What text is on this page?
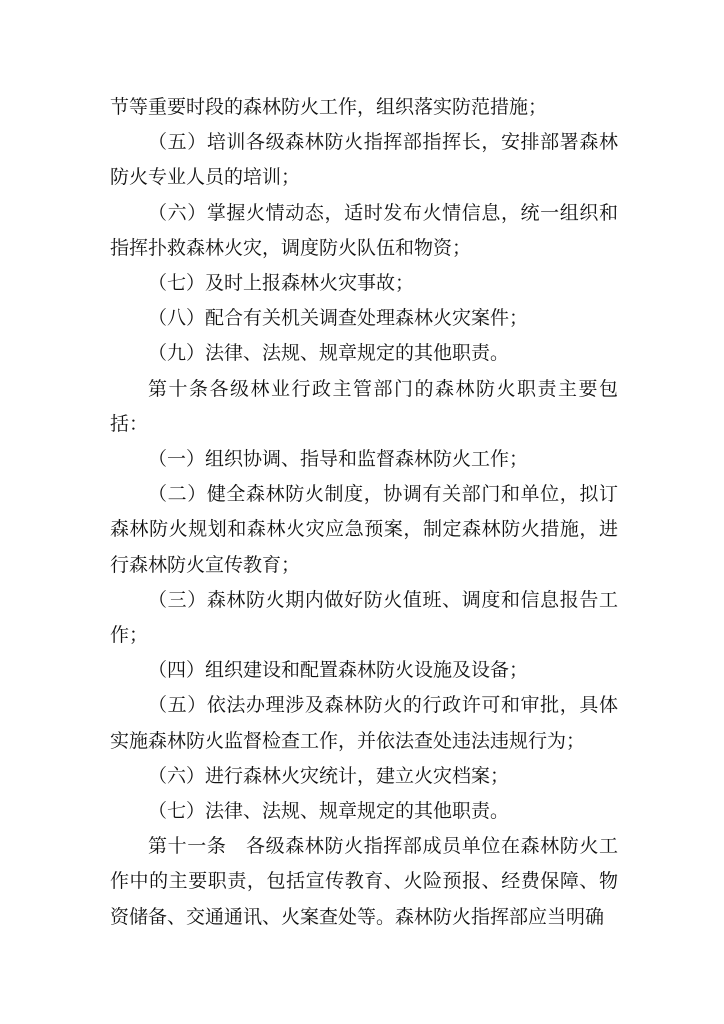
节等重要时段的森林防火工作，组织落实防范措施；

（五）培训各级森林防火指挥部指挥长，安排部署森林防火专业人员的培训；

（六）掌握火情动态，适时发布火情信息，统一组织和指挥扑救森林火灾，调度防火队伍和物资；

（七）及时上报森林火灾事故；

（八）配合有关机关调查处理森林火灾案件；

（九）法律、法规、规章规定的其他职责。

第十条各级林业行政主管部门的森林防火职责主要包括：

（一）组织协调、指导和监督森林防火工作；

（二）健全森林防火制度，协调有关部门和单位，拟订森林防火规划和森林火灾应急预案，制定森林防火措施，进行森林防火宣传教育；

（三）森林防火期内做好防火值班、调度和信息报告工作；

（四）组织建设和配置森林防火设施及设备；

（五）依法办理涉及森林防火的行政许可和审批，具体实施森林防火监督检查工作，并依法查处违法违规行为；

（六）进行森林火灾统计，建立火灾档案；

（七）法律、法规、规章规定的其他职责。

第十一条　各级森林防火指挥部成员单位在森林防火工作中的主要职责，包括宣传教育、火险预报、经费保障、物资储备、交通通讯、火案查处等。森林防火指挥部应当明确
